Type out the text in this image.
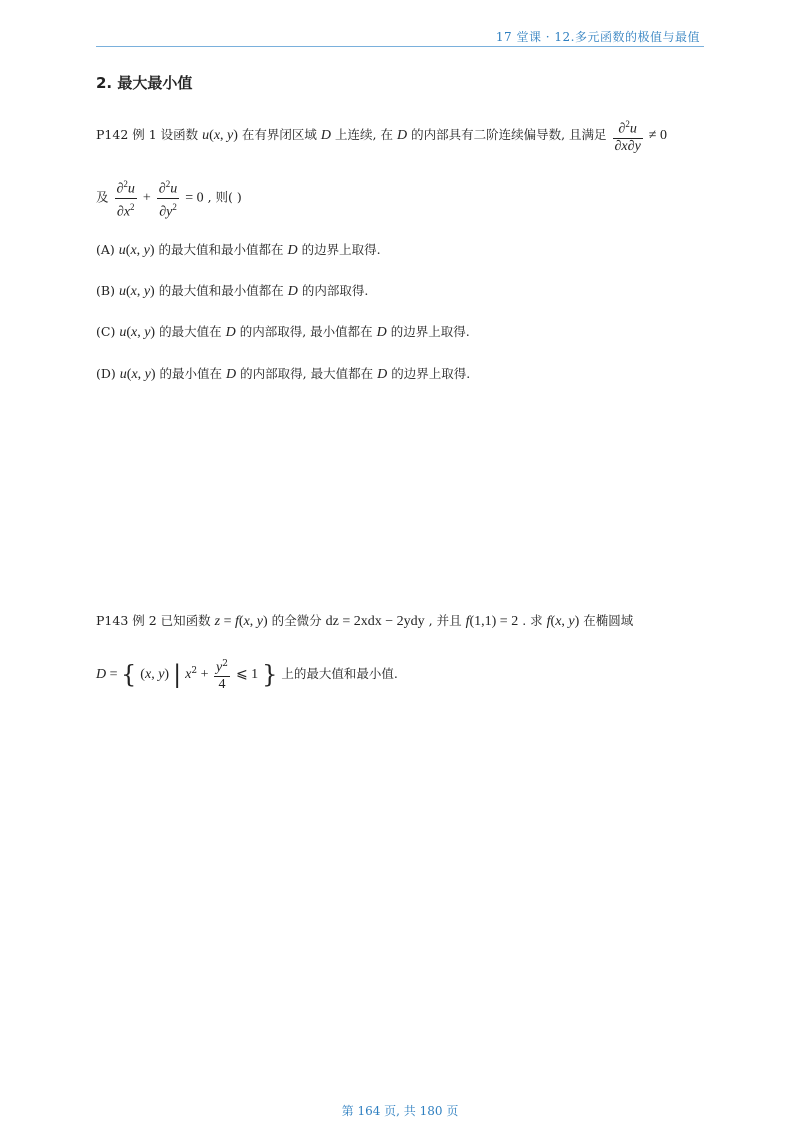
17 堂课 · 12.多元函数的极值与最值
2. 最大最小值
P142 例 1 设函数 u(x, y) 在有界闭区域 D 上连续, 在 D 的内部具有二阶连续偏导数, 且满足 $\frac{\partial^2u}{\partial x\partial y} \ne 0$
及 $\frac{\partial^2u}{\partial x^2} + \frac{\partial^2u}{\partial y^2} = 0$ , 则( )
(A) u(x, y) 的最大值和最小值都在 D 的边界上取得.
(B) u(x, y) 的最大值和最小值都在 D 的内部取得.
(C) u(x, y) 的最大值在 D 的内部取得, 最小值都在 D 的边界上取得.
(D) u(x, y) 的最小值在 D 的内部取得, 最大值都在 D 的边界上取得.
P143 例 2 已知函数 z = f(x, y) 的全微分 dz = 2xdx − 2ydy , 并且 f(1,1) = 2 . 求 f(x, y) 在椭圆域
D = { (x, y) | $x^2 + \frac{y^2}{4}$ ⩽ 1 } 上的最大值和最小值.
第 164 页, 共 180 页
